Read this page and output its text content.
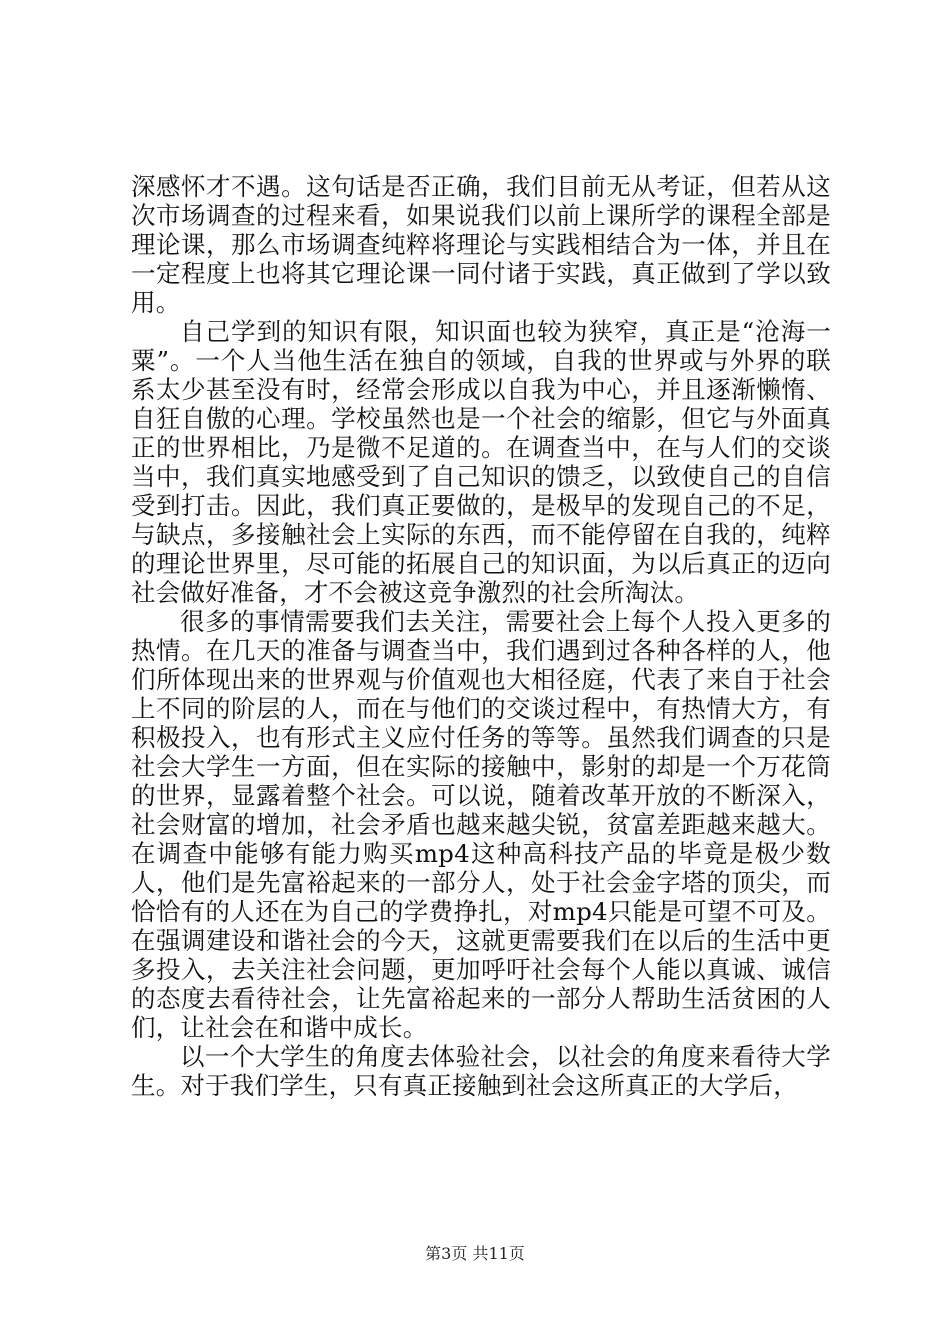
深感怀才不遇。这句话是否正确，我们目前无从考证，但若从这次市场调查的过程来看，如果说我们以前上课所学的课程全部是理论课，那么市场调查纯粹将理论与实践相结合为一体，并且在一定程度上也将其它理论课一同付诸于实践，真正做到了学以致用。

自己学到的知识有限，知识面也较为狭窄，真正是“沧海一粟”。一个人当他生活在独自的领域，自我的世界或与外界的联系太少甚至没有时，经常会形成以自我为中心，并且逐渐懒惰、自狂自傲的心理。学校虽然也是一个社会的缩影，但它与外面真正的世界相比，乃是微不足道的。在调查当中，在与人们的交谈当中，我们真实地感受到了自己知识的馈乏，以致使自己的自信受到打击。因此，我们真正要做的，是极早的发现自己的不足，与缺点，多接触社会上实际的东西，而不能停留在自我的，纯粹的理论世界里，尽可能的拓展自己的知识面，为以后真正的迈向社会做好准备，才不会被这竞争激烈的社会所淘汰。

很多的事情需要我们去关注，需要社会上每个人投入更多的热情。在几天的准备与调查当中，我们遇到过各种各样的人，他们所体现出来的世界观与价值观也大相径庭，代表了来自于社会上不同的阶层的人，而在与他们的交谈过程中，有热情大方，有积极投入，也有形式主义应付任务的等等。虽然我们调查的只是社会大学生一方面，但在实际的接触中，影射的却是一个万花筒的世界，显露着整个社会。可以说，随着改革开放的不断深入，社会财富的增加，社会矛盾也越来越尖锐，贫富差距越来越大。在调查中能够有能力购买mp4这种高科技产品的毕竟是极少数人，他们是先富裕起来的一部分人，处于社会金字塔的顶尖，而恰恰有的人还在为自己的学费挣扎，对mp4只能是可望不可及。在强调建设和谐社会的今天，这就更需要我们在以后的生活中更多投入，去关注社会问题，更加呼吁社会每个人能以真诚、诚信的态度去看待社会，让先富裕起来的一部分人帮助生活贫困的人们，让社会在和谐中成长。

以一个大学生的角度去体验社会，以社会的角度来看待大学生。对于我们学生，只有真正接触到社会这所真正的大学后，

第3页 共11页
